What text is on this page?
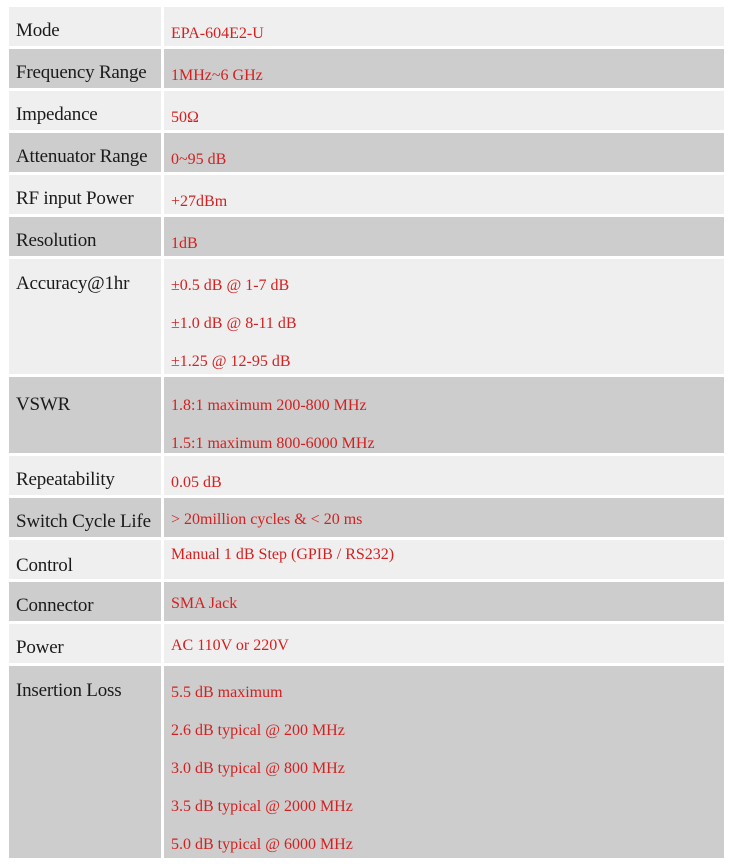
Mode	EPA-604E2-U

Frequency Range	1MHz~6 GHz

Impedance	50Ω

Attenuator Range	0~95 dB

RF input Power	+27dBm

Resolution	1dB

Accuracy@1hr	±0.5 dB @ 1-7 dB
±1.0 dB @ 8-11 dB
±1.25 @ 12-95 dB

VSWR	1.8:1 maximum 200-800 MHz
1.5:1 maximum 800-6000 MHz

Repeatability	0.05 dB

Switch Cycle Life	> 20million cycles & < 20 ms

Control	Manual 1 dB Step (GPIB / RS232)

Connector	SMA Jack

Power	AC 110V or 220V

Insertion Loss	5.5 dB maximum
2.6 dB typical @ 200 MHz
3.0 dB typical @ 800 MHz
3.5 dB typical @ 2000 MHz
5.0 dB typical @ 6000 MHz
